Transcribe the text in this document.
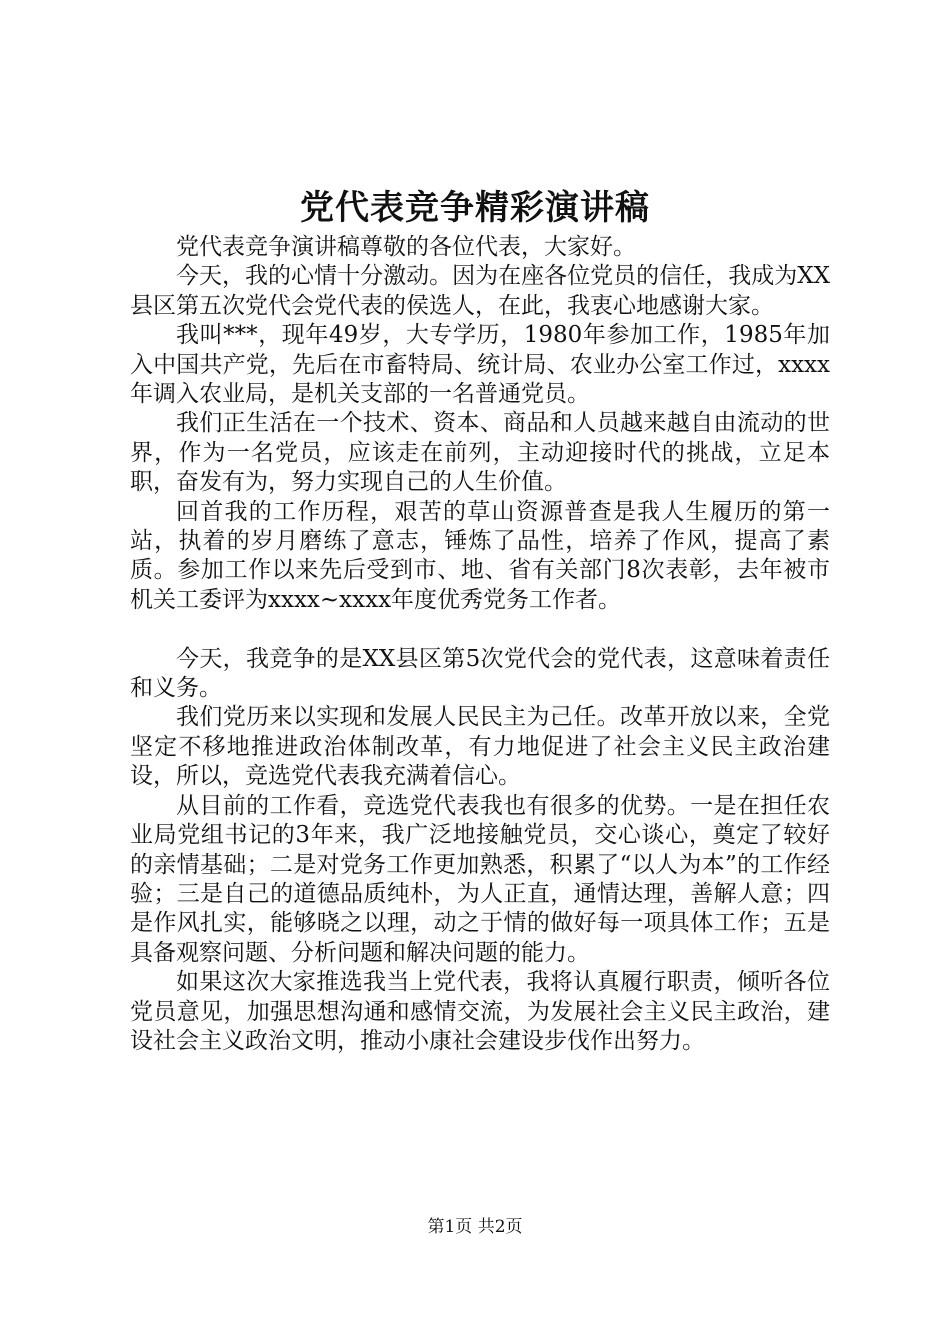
党代表竞争精彩演讲稿

党代表竞争演讲稿尊敬的各位代表，大家好。

今天，我的心情十分激动。因为在座各位党员的信任，我成为XX县区第五次党代会党代表的侯选人，在此，我衷心地感谢大家。

我叫***，现年49岁，大专学历，1980年参加工作，1985年加入中国共产党，先后在市畜特局、统计局、农业办公室工作过，xxxx年调入农业局，是机关支部的一名普通党员。

我们正生活在一个技术、资本、商品和人员越来越自由流动的世界，作为一名党员，应该走在前列，主动迎接时代的挑战，立足本职，奋发有为，努力实现自己的人生价值。

回首我的工作历程，艰苦的草山资源普查是我人生履历的第一站，执着的岁月磨练了意志，锤炼了品性，培养了作风，提高了素质。参加工作以来先后受到市、地、省有关部门8次表彰，去年被市机关工委评为xxxx~xxxx年度优秀党务工作者。

今天，我竞争的是XX县区第5次党代会的党代表，这意味着责任和义务。

我们党历来以实现和发展人民民主为己任。改革开放以来，全党坚定不移地推进政治体制改革，有力地促进了社会主义民主政治建设，所以，竞选党代表我充满着信心。

从目前的工作看，竞选党代表我也有很多的优势。一是在担任农业局党组书记的3年来，我广泛地接触党员，交心谈心，奠定了较好的亲情基础；二是对党务工作更加熟悉，积累了“以人为本”的工作经验；三是自己的道德品质纯朴，为人正直，通情达理，善解人意；四是作风扎实，能够晓之以理，动之于情的做好每一项具体工作；五是具备观察问题、分析问题和解决问题的能力。

如果这次大家推选我当上党代表，我将认真履行职责，倾听各位党员意见，加强思想沟通和感情交流，为发展社会主义民主政治，建设社会主义政治文明，推动小康社会建设步伐作出努力。

第1页 共2页
